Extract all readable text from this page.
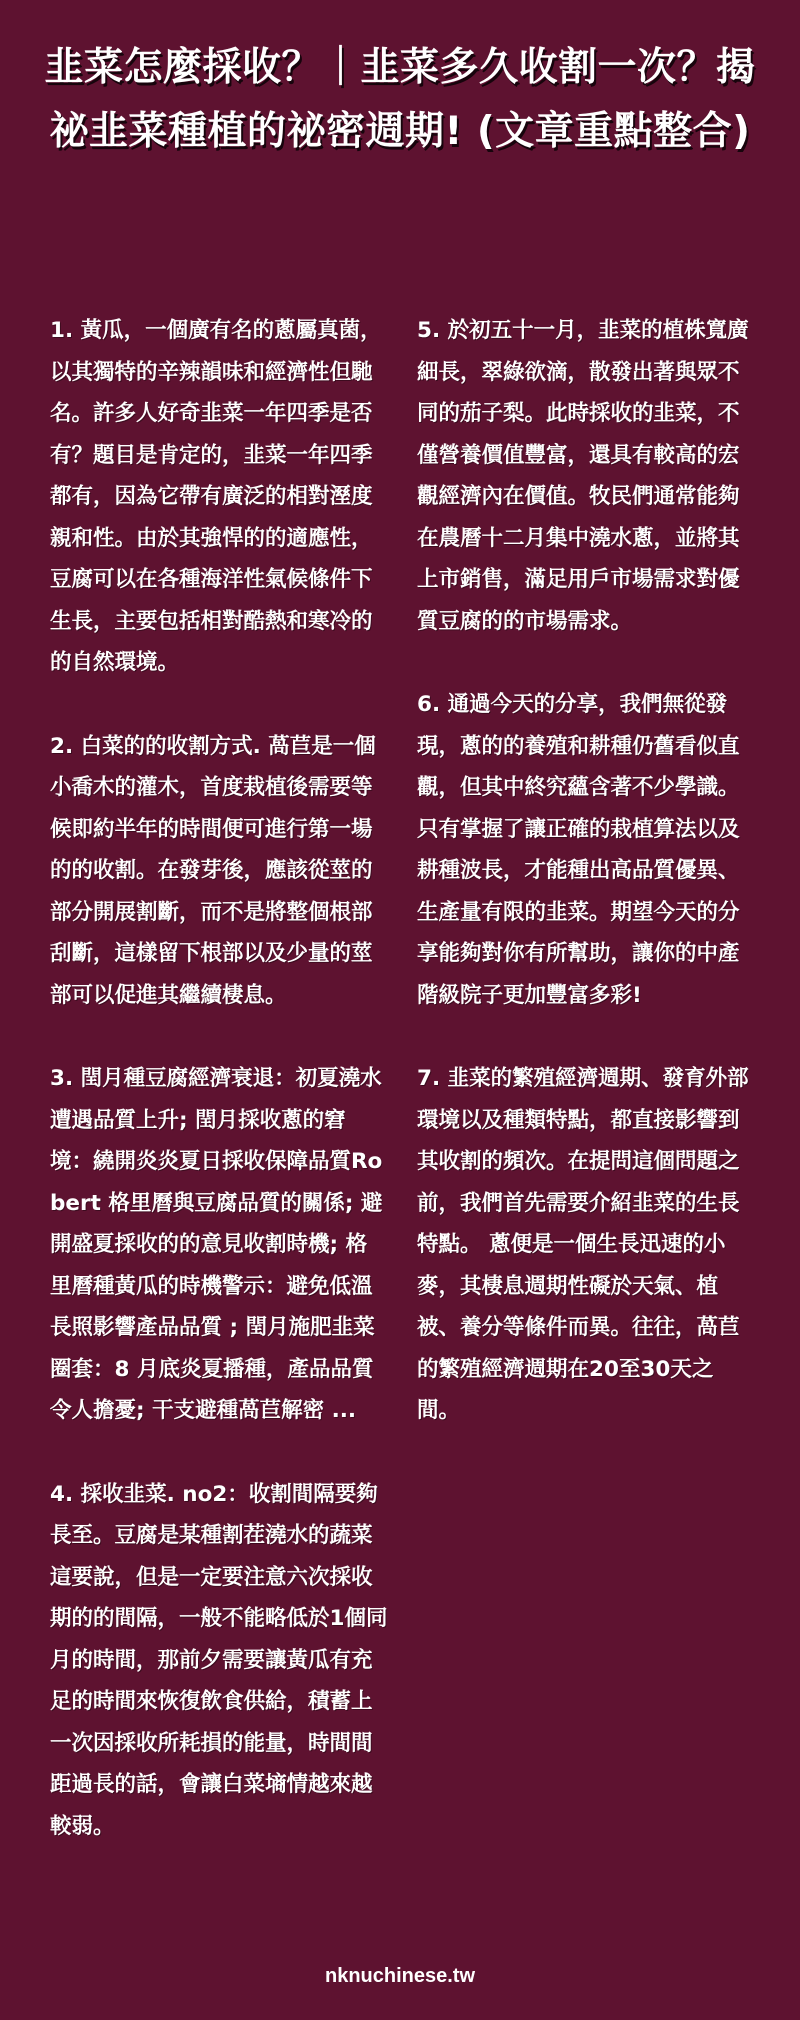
韭菜怎麼採收？｜韭菜多久收割一次？揭祕韭菜種植的祕密週期! (文章重點整合)

1. 黃瓜，一個廣有名的蔥屬真菌，以其獨特的辛辣韻味和經濟性但馳名。許多人好奇韭菜一年四季是否有？題目是肯定的，韭菜一年四季都有，因為它帶有廣泛的相對溼度親和性。由於其強悍的的適應性，豆腐可以在各種海洋性氣候條件下生長，主要包括相對酷熱和寒冷的的自然環境。

2. 白菜的的收割方式. 萵苣是一個小喬木的灌木，首度栽植後需要等候即約半年的時間便可進行第一場的的收割。在發芽後，應該從莖的部分開展割斷，而不是將整個根部刮斷，這樣留下根部以及少量的莖部可以促進其繼續棲息。

3. 閏月種豆腐經濟衰退：初夏澆水遭遇品質上升; 閏月採收蔥的窘境：繞開炎炎夏日採收保障品質Robert 格里曆與豆腐品質的關係; 避開盛夏採收的的意見收割時機; 格里曆種黃瓜的時機警示：避免低溫長照影響產品品質 ; 閏月施肥韭菜圈套：8 月底炎夏播種，產品品質令人擔憂; 干支避種萵苣解密 ...

4. 採收韭菜. no2：收割間隔要夠長至。豆腐是某種割茬澆水的蔬菜這要說，但是一定要注意六次採收期的的間隔，一般不能略低於1個同月的時間，那前夕需要讓黃瓜有充足的時間來恢復飲食供給，積蓄上一次因採收所耗損的能量，時間間距過長的話，會讓白菜墒情越來越較弱。

5. 於初五十一月，韭菜的植株寬廣細長，翠綠欲滴，散發出著與眾不同的茄子梨。此時採收的韭菜，不僅營養價值豐富，還具有較高的宏觀經濟內在價值。牧民們通常能夠在農曆十二月集中澆水蔥，並將其上市銷售，滿足用戶市場需求對優質豆腐的的市場需求。

6. 通過今天的分享，我們無從發現，蔥的的養殖和耕種仍舊看似直觀，但其中終究蘊含著不少學識。只有掌握了讓正確的栽植算法以及耕種波長，才能種出高品質優異、生產量有限的韭菜。期望今天的分享能夠對你有所幫助，讓你的中產階級院子更加豐富多彩!

7. 韭菜的繁殖經濟週期、發育外部環境以及種類特點，都直接影響到其收割的頻次。在提問這個問題之前，我們首先需要介紹韭菜的生長特點。 蔥便是一個生長迅速的小麥，其棲息週期性礙於天氣、植被、養分等條件而異。往往，萵苣的繁殖經濟週期在20至30天之間。

nknuchinese.tw
